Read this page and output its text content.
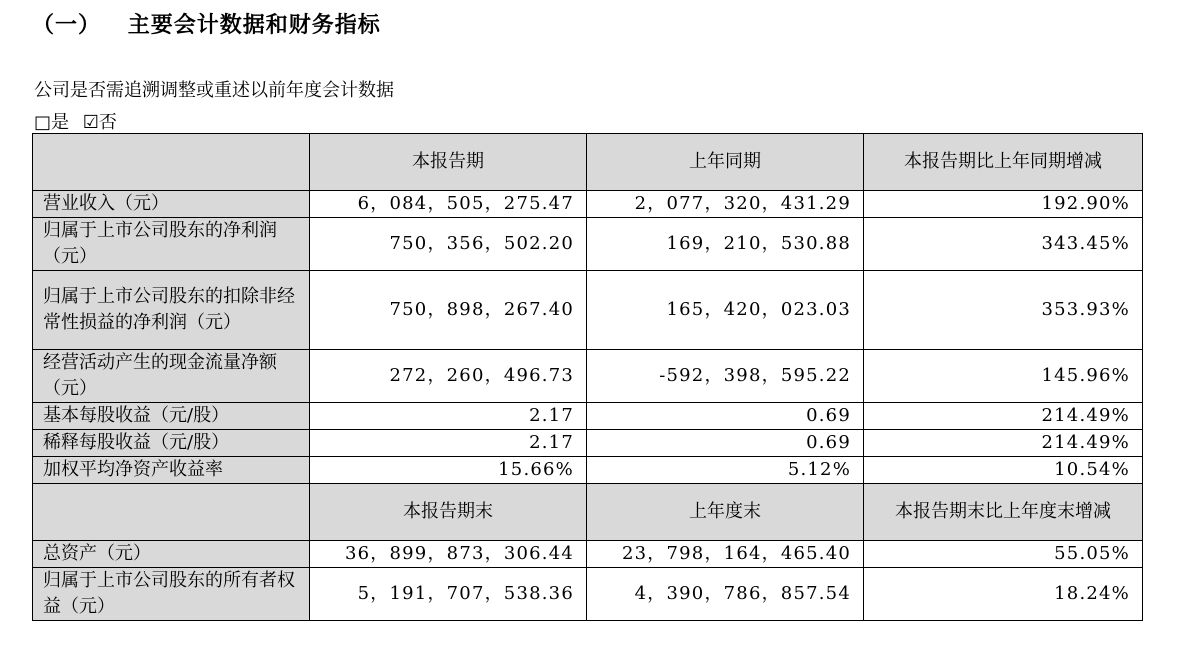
（一） 主要会计数据和财务指标
公司是否需追溯调整或重述以前年度会计数据
□是 ☑否
	本报告期	上年同期	本报告期比上年同期增减
营业收入（元）	6，084，505，275.47	2，077，320，431.29	192.90%
归属于上市公司股东的净利润（元）	750，356，502.20	169，210，530.88	343.45%
归属于上市公司股东的扣除非经常性损益的净利润（元）	750，898，267.40	165，420，023.03	353.93%
经营活动产生的现金流量净额（元）	272，260，496.73	-592，398，595.22	145.96%
基本每股收益（元/股）	2.17	0.69	214.49%
稀释每股收益（元/股）	2.17	0.69	214.49%
加权平均净资产收益率	15.66%	5.12%	10.54%
	本报告期末	上年度末	本报告期末比上年度末增减
总资产（元）	36，899，873，306.44	23，798，164，465.40	55.05%
归属于上市公司股东的所有者权益（元）	5，191，707，538.36	4，390，786，857.54	18.24%
